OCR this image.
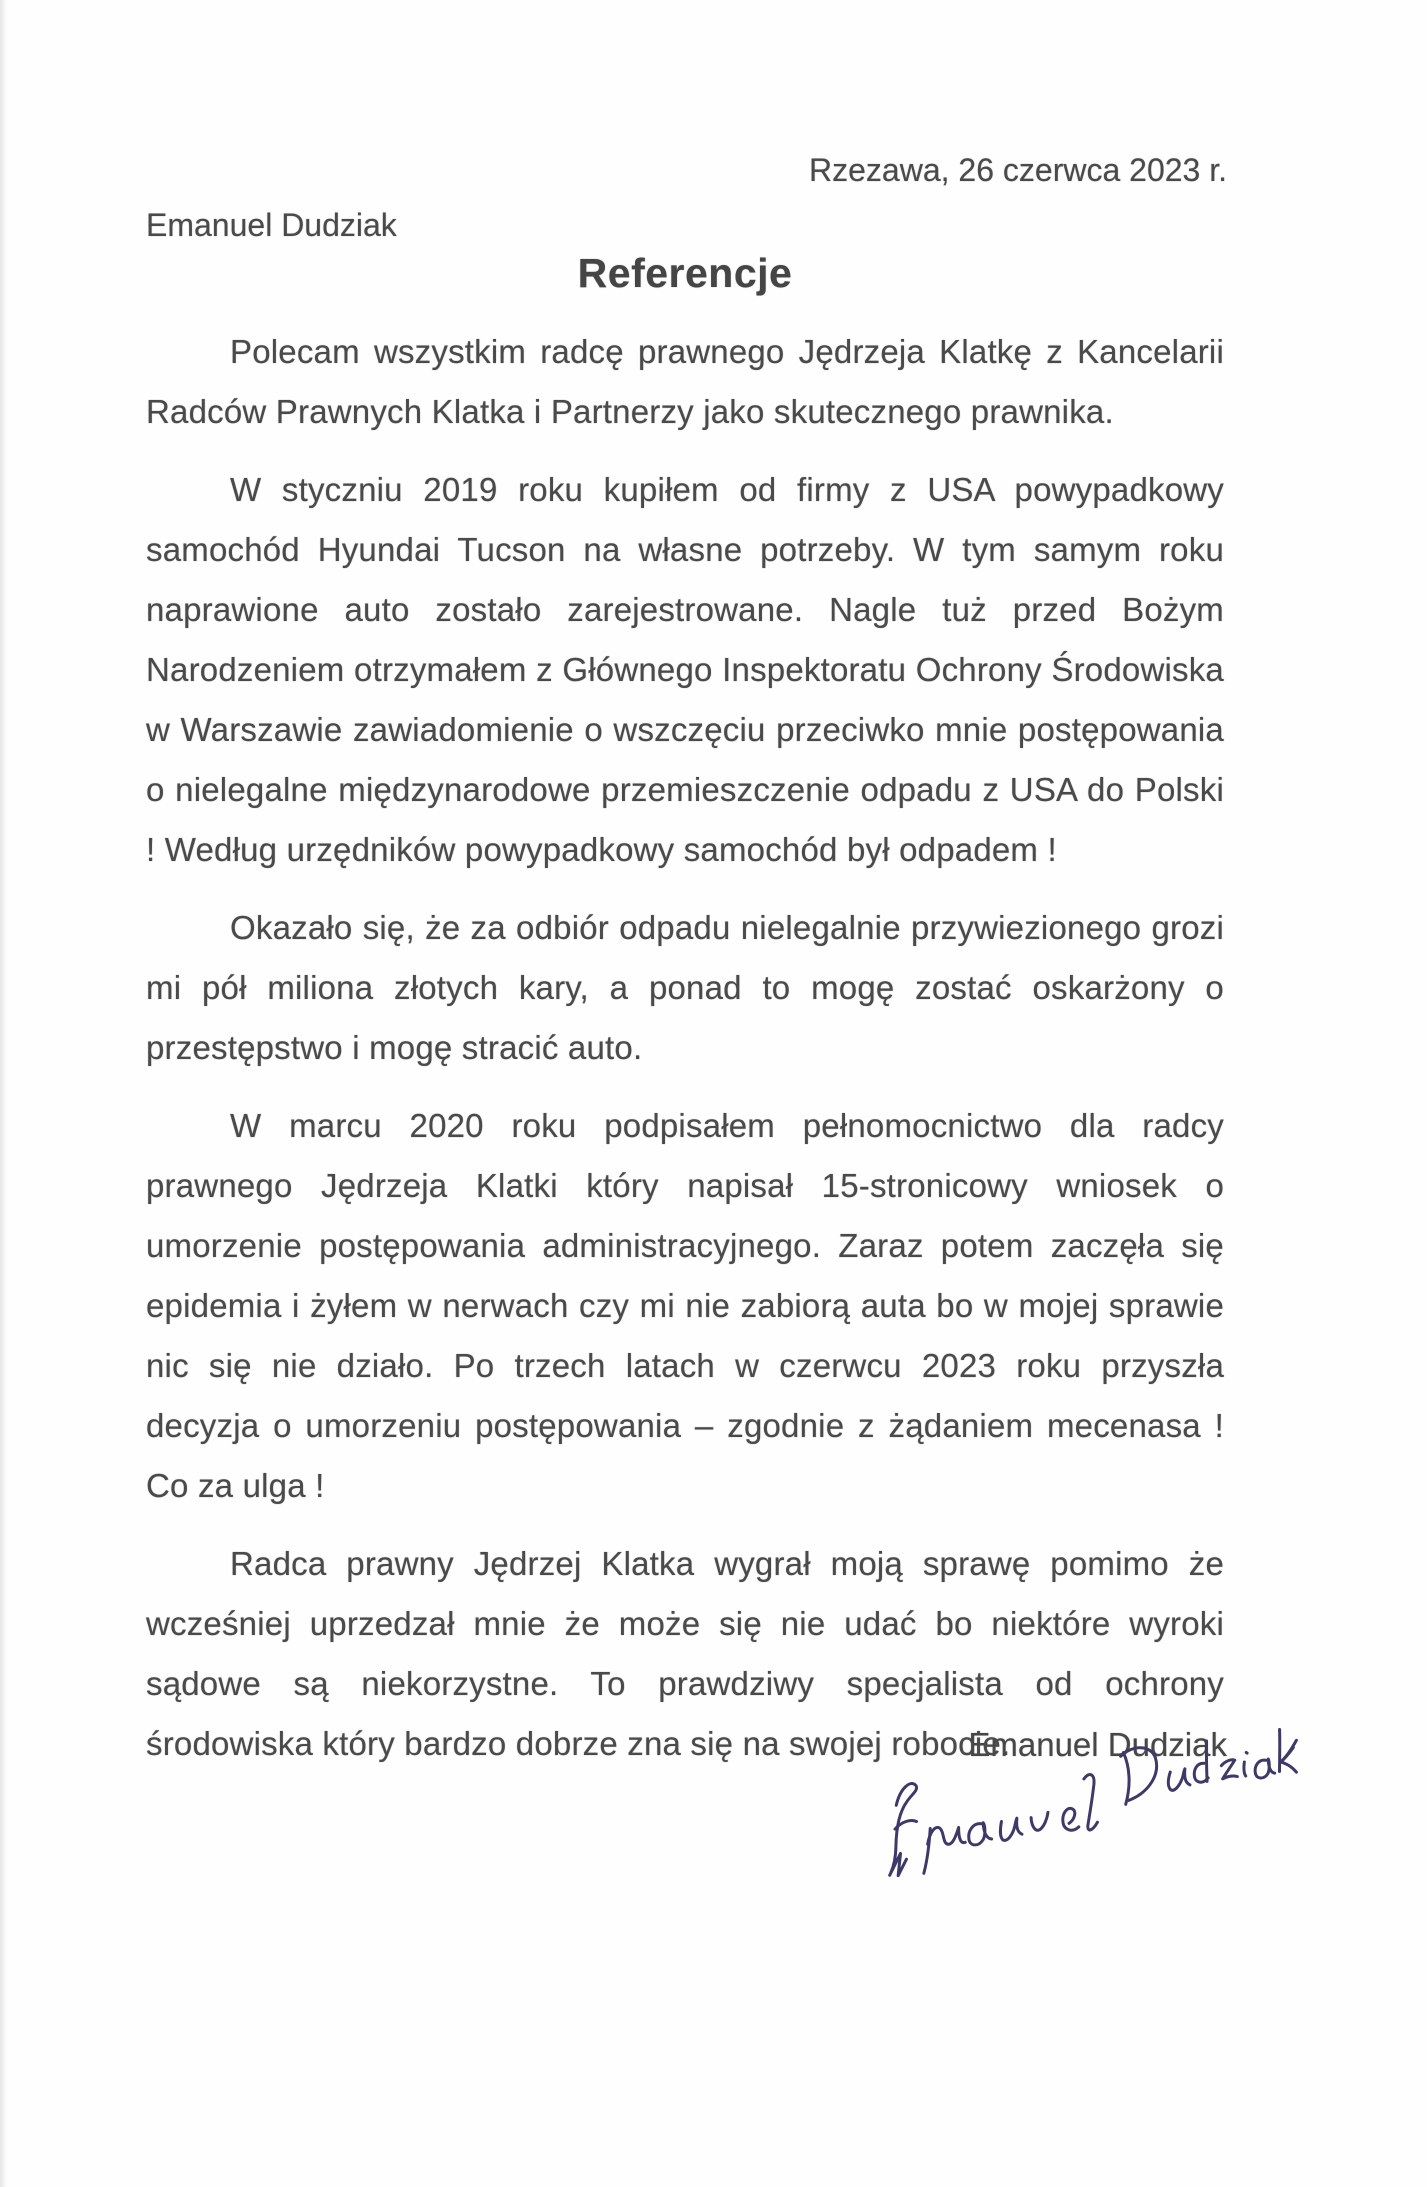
Rzezawa, 26 czerwca 2023 r.
Emanuel Dudziak
Referencje

Polecam wszystkim radcę prawnego Jędrzeja Klatkę z Kancelarii Radców Prawnych Klatka i Partnerzy jako skutecznego prawnika.

W styczniu 2019 roku kupiłem od firmy z USA powypadkowy samochód Hyundai Tucson na własne potrzeby. W tym samym roku naprawione auto zostało zarejestrowane. Nagle tuż przed Bożym Narodzeniem otrzymałem z Głównego Inspektoratu Ochrony Środowiska w Warszawie zawiadomienie o wszczęciu przeciwko mnie postępowania o nielegalne międzynarodowe przemieszczenie odpadu z USA do Polski ! Według urzędników powypadkowy samochód był odpadem !

Okazało się, że za odbiór odpadu nielegalnie przywiezionego grozi mi pół miliona złotych kary, a ponad to mogę zostać oskarżony o przestępstwo i mogę stracić auto.

W marcu 2020 roku podpisałem pełnomocnictwo dla radcy prawnego Jędrzeja Klatki który napisał 15-stronicowy wniosek o umorzenie postępowania administracyjnego. Zaraz potem zaczęła się epidemia i żyłem w nerwach czy mi nie zabiorą auta bo w mojej sprawie nic się nie działo. Po trzech latach w czerwcu 2023 roku przyszła decyzja o umorzeniu postępowania – zgodnie z żądaniem mecenasa ! Co za ulga !

Radca prawny Jędrzej Klatka wygrał moją sprawę pomimo że wcześniej uprzedzał mnie że może się nie udać bo niektóre wyroki sądowe są niekorzystne. To prawdziwy specjalista od ochrony środowiska który bardzo dobrze zna się na swojej robocie.

Emanuel Dudziak
